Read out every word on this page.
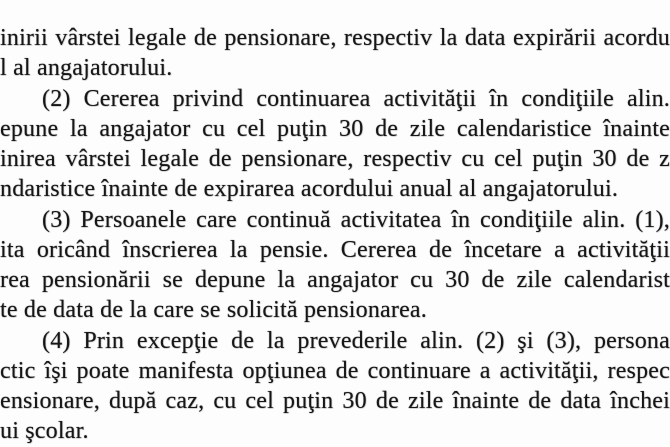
inirii vârstei legale de pensionare, respectiv la data expirării acordu
l al angajatorului.
(2) Cererea privind continuarea activităţii în condiţiile alin.
epune la angajator cu cel puţin 30 de zile calendaristice înainte
inirea vârstei legale de pensionare, respectiv cu cel puţin 30 de z
ndaristice înainte de expirarea acordului anual al angajatorului.
(3) Persoanele care continuă activitatea în condiţiile alin. (1),
ita oricând înscrierea la pensie. Cererea de încetare a activităţii
rea pensionării se depune la angajator cu 30 de zile calendarist
te de data de la care se solicită pensionarea.
(4) Prin excepţie de la prevederile alin. (2) şi (3), persona
ctic îşi poate manifesta opţiunea de continuare a activităţii, respec
ensionare, după caz, cu cel puţin 30 de zile înainte de data închei
ui şcolar.
